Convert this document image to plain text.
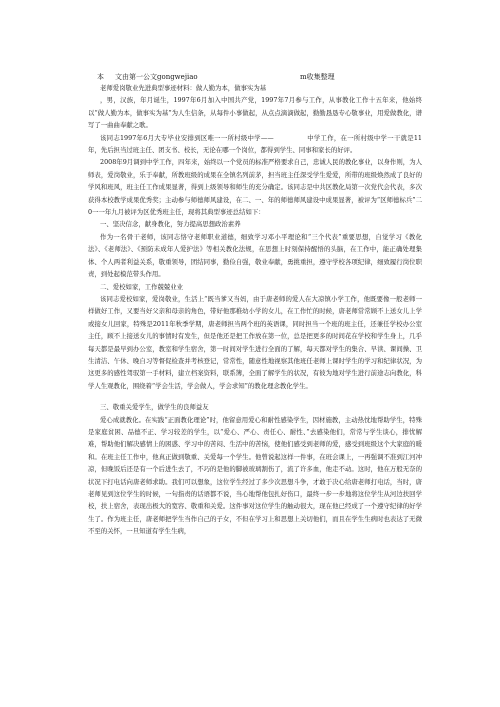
本 文由第一公文gongwejiao	m收集整理

老师爱岗敬业先进典型事迹材料：做人勤为本，做事实为基

，男，汉族，年月诞生，1997年6月加入中国共产党，1997年7月参与工作，从事教化工作十五年来，他始终以“做人勤为本，做事实为基”为人生信条，从每件小事做起，从点点滴滴做起，勤勤恳恳专心敬事业，用爱做教化，谱写了一曲曲奉献之歌。

该同志1997年6月大专毕业安排到区唯一一所村级中学——　　　　　中学工作，在一所村级中学一干就是11年，先后担当过班主任、团支书、校长，无论在哪一个岗位，都得到学生、同事和家长的好评。

2008年9月调到中学工作，四年来，始终以一个党员的标准严格要求自己，忠诚人民的教化事业，以身作则，为人师表，爱岗敬业，乐于奉献，所教班级的成果在全镇名列前茅，担当班主任深受学生爱爱，所带的班级焕然成了良好的学风和班风，班主任工作成果显著，得到上级领导和师生的充分确定。该同志是中共区教化局第一次党代会代表，多次获得本校教学成果优秀奖；主动参与师德师风建设，在二、一、年的师德师风建设中成果显著，被评为“区师德标兵”二0一一年九月被评为区优秀班主任，现将其典型事迹总结如下：

一、坚决信念，献身教化，努力提高思想政治素养

作为一名骨干老师，该同志恪守老师职业道德，细致学习邓小平理论和“三个代表”重要思想，自觉学习《教化法》、《老师法》、《预防未成年人爱护法》等相关教化法规，在思想上时刻保持醒悟的头脑，在工作中，能正确处理集体、个人两者利益关系，敬重领导，团结同事，勤俭自强，敬业奉献，勇挑重担，遵守学校各项纪律，细致履行岗位职责，到处起模范带头作用。

二、爱校如家，工作兢兢业业

该同志爱校如家，爱岗敬业，生活上“既当爹又当妈，由于唐老师的爱人在大凉镇小学工作，他既要像一般老师一样做好工作，又要当好父亲和母亲的角色，带好他那稚幼小学的女儿，在工作忙的时候，唐老师常常顾不上送女儿上学或接女儿回家，特殊是2011年秋季学期，唐老师担当两个班的英语课，同时担当一个班的班主任，还兼任学校办公室主任，顾不上接送女儿的事情时有发生，但是他还是把工作放在第一位，总是把更多的时间花在学校和学生身上，几乎每天都是最早到办公室，教室和学生宿舍，第一时间对学生进行全面的了解，每天都对学生的集合、早读、课间操、卫生清洁、午休、晚自习等督促检查并考核登记，常常性，随意性地视察其他班任老师上课时学生的学习和纪律状况，为这更多的感性驾驭第一手材料，建立档案资料，联系簿，全面了解学生的状况，有彼为地对学生进行前途志向教化，科学人生观教化，围绕着“学会生活，学会做人，学会求知”的教化理念教化学生。

三、敬重关爱学生，做学生的良师益友

爱心成就教化。在实践“正面教化理论”时，他留意用爱心和耐性感染学生，因材施教，主动热忱地帮助学生，特殊是家庭贫困、品德不正、学习较差的学生，以“爱心、严心、责任心、耐性、”去感染他们，常常与学生谈心，排忧解难，帮助他们解决感情上的困惑、学习中的苦闷、生活中的苦恼，使他们感受到老师的爱，感受到班级这个大家庭的暖和。在班主任工作中，他真正做到敬重、关爱每一个学生。他曾说起这样一件事，在班会课上，一再强调不准到江河冲凉，但晚饭后还是有一个后进生去了，不巧的是他的脚被玻璃割伤了，流了许多血，他走不动。这时，他在万般无奈的状况下打电话向唐老师求助。我们可以想象，这位学生经过了多少次思想斗争，才敢于决心给唐老师打电话，当时，唐老师见到这位学生的时候，一句指责的话语都不说，当心地帮他包扎好伤口，最终一步一步地将这位学生从河边扶回学校，扶上宿舍，表现出极大的宽容、敬重和关爱。这件事对这位学生的触动很大，现在他已经成了一个遵守纪律的好学生了。作为班主任，唐老师把学生当作自己的子女，不但在学习上和思想上关切他们，而且在学生生病时也表达了无微不至的关怀，一旦知道有学生生病，
